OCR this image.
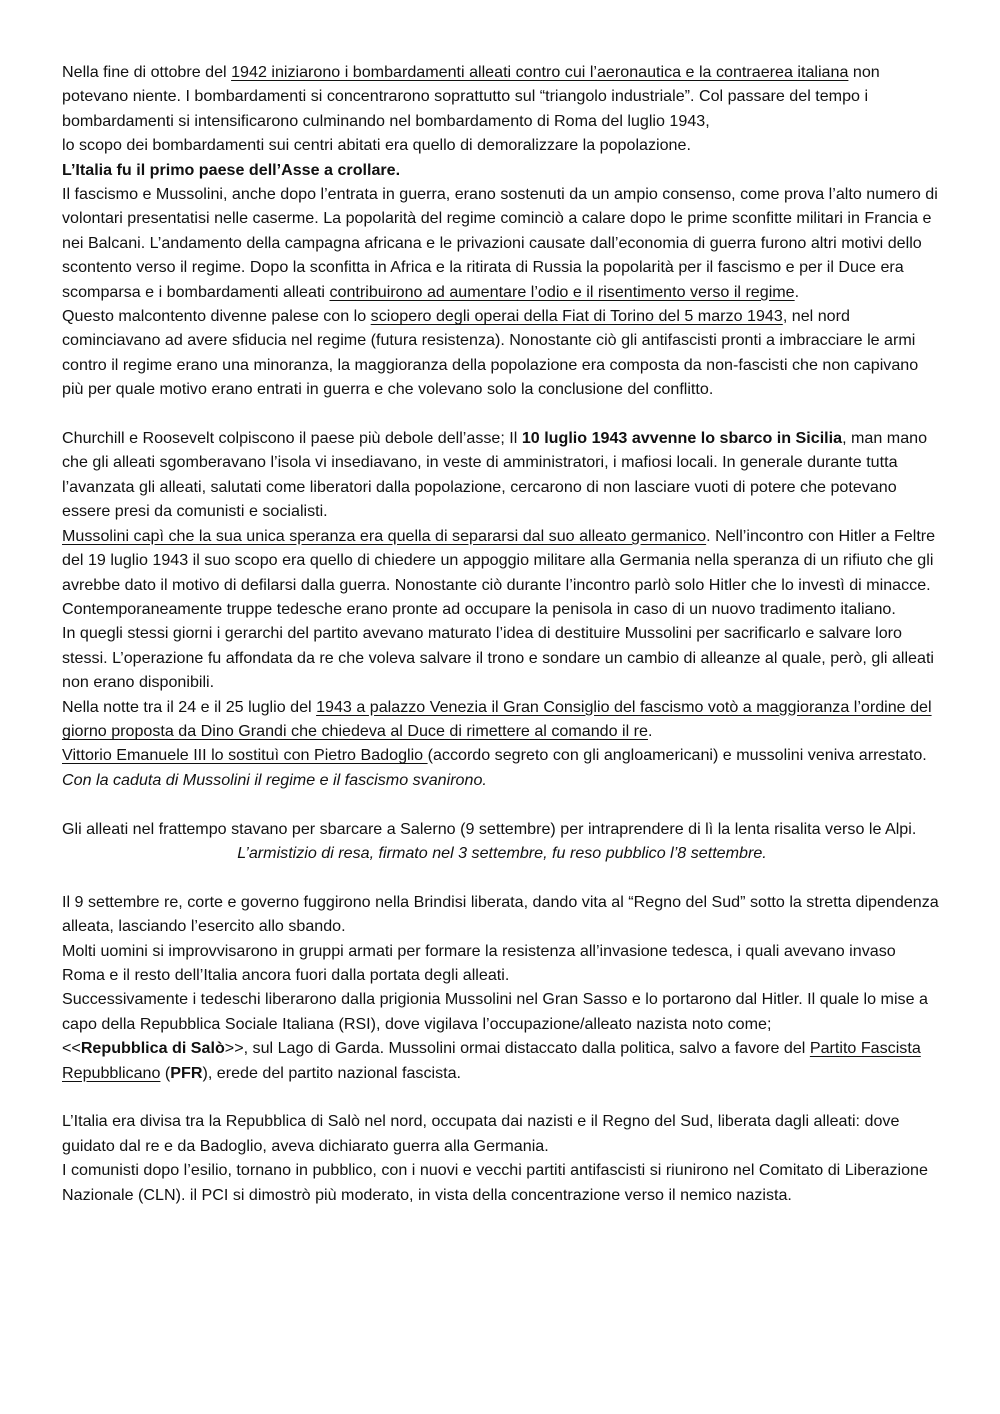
Nella fine di ottobre del 1942 iniziarono i bombardamenti alleati contro cui l’aeronautica e la contraerea italiana non potevano niente. I bombardamenti si concentrarono soprattutto sul “triangolo industriale”. Col passare del tempo i bombardamenti si intensificarono culminando nel bombardamento di Roma del luglio 1943,

lo scopo dei bombardamenti sui centri abitati era quello di demoralizzare la popolazione.

L’Italia fu il primo paese dell’Asse a crollare.

Il fascismo e Mussolini, anche dopo l’entrata in guerra, erano sostenuti da un ampio consenso, come prova l’alto numero di volontari presentatisi nelle caserme. La popolarità del regime cominciò a calare dopo le prime sconfitte militari in Francia e nei Balcani. L’andamento della campagna africana e le privazioni causate dall’economia di guerra furono altri motivi dello scontento verso il regime. Dopo la sconfitta in Africa e la ritirata di Russia la popolarità per il fascismo e per il Duce era scomparsa e i bombardamenti alleati contribuirono ad aumentare l’odio e il risentimento verso il regime.

Questo malcontento divenne palese con lo sciopero degli operai della Fiat di Torino del 5 marzo 1943, nel nord cominciavano ad avere sfiducia nel regime (futura resistenza). Nonostante ciò gli antifascisti pronti a imbracciare le armi contro il regime erano una minoranza, la maggioranza della popolazione era composta da non-fascisti che non capivano più per quale motivo erano entrati in guerra e che volevano solo la conclusione del conflitto.

Churchill e Roosevelt colpiscono il paese più debole dell’asse; Il 10 luglio 1943 avvenne lo sbarco in Sicilia, man mano che gli alleati sgomberavano l’isola vi insediavano, in veste di amministratori, i mafiosi locali. In generale durante tutta l’avanzata gli alleati, salutati come liberatori dalla popolazione, cercarono di non lasciare vuoti di potere che potevano essere presi da comunisti e socialisti.

Mussolini capì che la sua unica speranza era quella di separarsi dal suo alleato germanico. Nell’incontro con Hitler a Feltre del 19 luglio 1943 il suo scopo era quello di chiedere un appoggio militare alla Germania nella speranza di un rifiuto che gli avrebbe dato il motivo di defilarsi dalla guerra. Nonostante ciò durante l’incontro parlò solo Hitler che lo investì di minacce. Contemporaneamente truppe tedesche erano pronte ad occupare la penisola in caso di un nuovo tradimento italiano.

In quegli stessi giorni i gerarchi del partito avevano maturato l’idea di destituire Mussolini per sacrificarlo e salvare loro stessi. L’operazione fu affondata da re che voleva salvare il trono e sondare un cambio di alleanze al quale, però, gli alleati non erano disponibili.

Nella notte tra il 24 e il 25 luglio del 1943 a palazzo Venezia il Gran Consiglio del fascismo votò a maggioranza l’ordine del giorno proposta da Dino Grandi che chiedeva al Duce di rimettere al comando il re.

Vittorio Emanuele III lo sostituì con Pietro Badoglio (accordo segreto con gli angloamericani) e mussolini veniva arrestato.

Con la caduta di Mussolini il regime e il fascismo svanirono.

Gli alleati nel frattempo stavano per sbarcare a Salerno (9 settembre) per intraprendere di lì la lenta risalita verso le Alpi.

L’armistizio di resa, firmato nel 3 settembre, fu reso pubblico l’8 settembre.

Il 9 settembre re, corte e governo fuggirono nella Brindisi liberata, dando vita al “Regno del Sud” sotto la stretta dipendenza alleata, lasciando l’esercito allo sbando.

Molti uomini si improvvisarono in gruppi armati per formare la resistenza all’invasione tedesca, i quali avevano invaso Roma e il resto dell’Italia ancora fuori dalla portata degli alleati.

Successivamente i tedeschi liberarono dalla prigionia Mussolini nel Gran Sasso e lo portarono dal Hitler. Il quale lo mise a capo della Repubblica Sociale Italiana (RSI), dove vigilava l’occupazione/alleato nazista noto come;

<<Repubblica di Salò>>, sul Lago di Garda. Mussolini ormai distaccato dalla politica, salvo a favore del Partito Fascista Repubblicano (PFR), erede del partito nazional fascista.

L’Italia era divisa tra la Repubblica di Salò nel nord, occupata dai nazisti e il Regno del Sud, liberata dagli alleati: dove guidato dal re e da Badoglio, aveva dichiarato guerra alla Germania.

I comunisti dopo l’esilio, tornano in pubblico, con i nuovi e vecchi partiti antifascisti si riunirono nel Comitato di Liberazione Nazionale (CLN). il PCI si dimostrò più moderato, in vista della concentrazione verso il nemico nazista.
